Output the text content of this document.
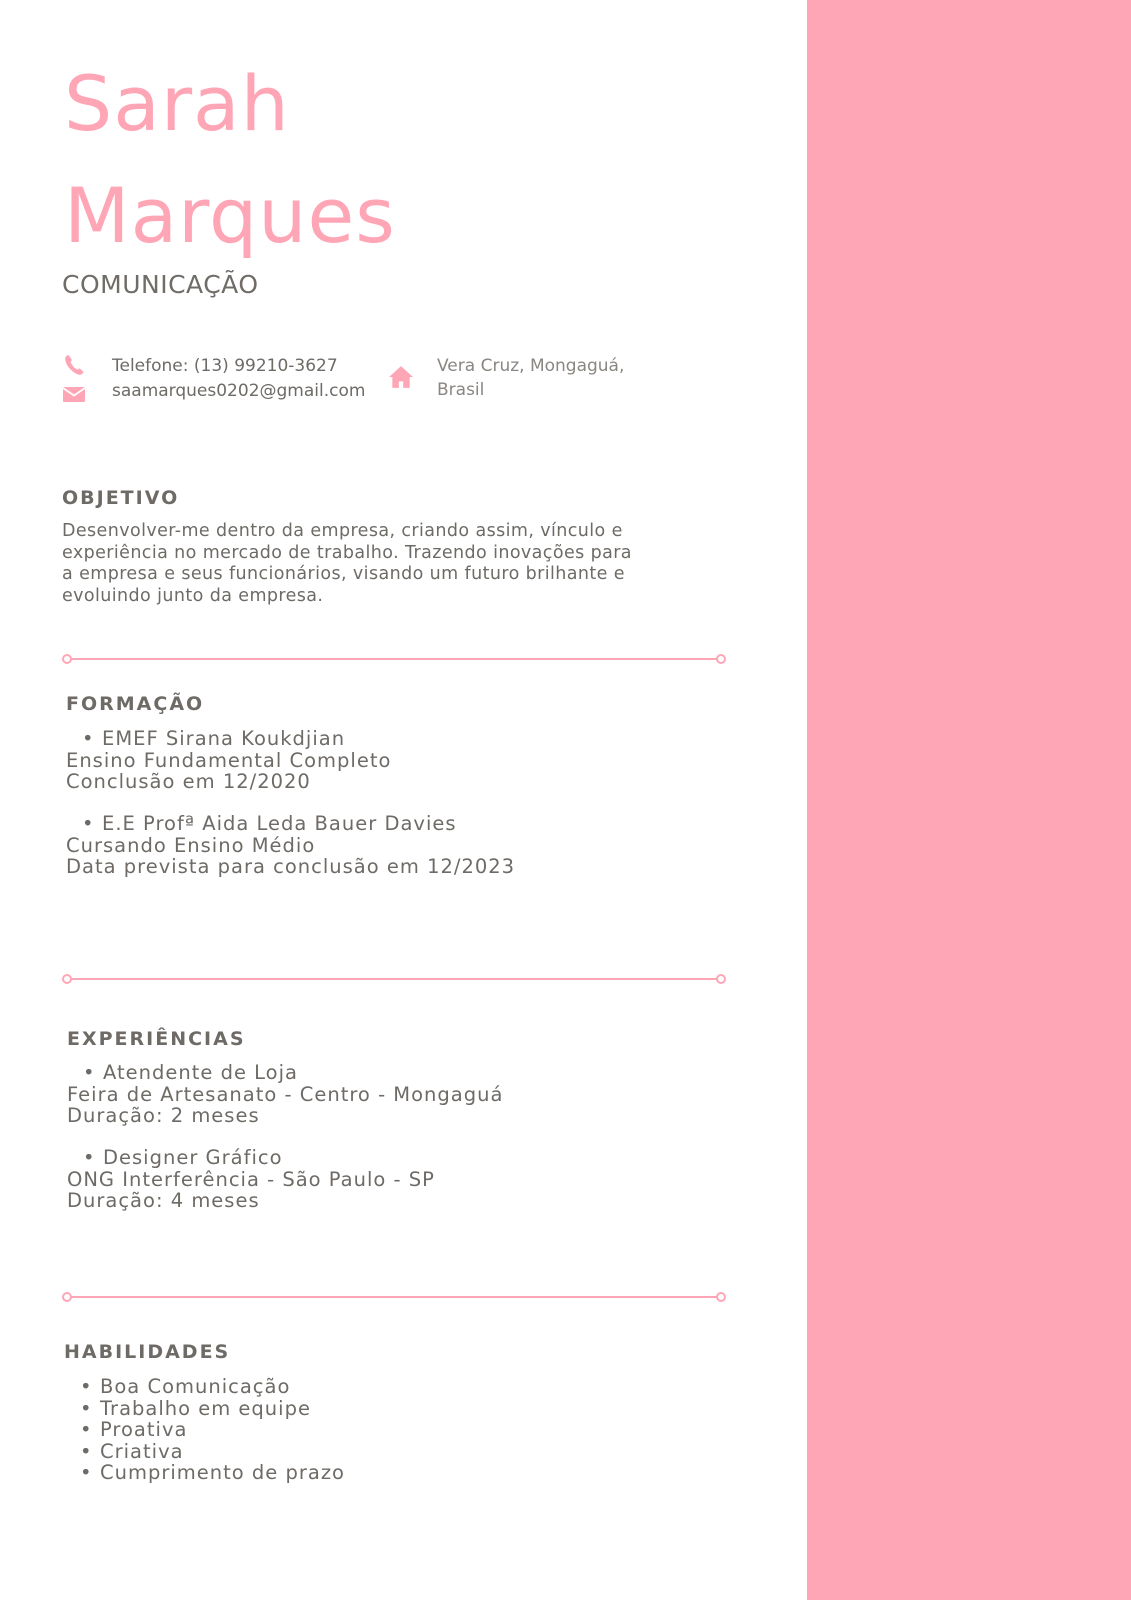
Sarah
Marques
COMUNICAÇÃO
Telefone: (13) 99210-3627
saamarques0202@gmail.com
Vera Cruz, Mongaguá,
Brasil
OBJETIVO

Desenvolver-me dentro da empresa, criando assim, vínculo e experiência no mercado de trabalho. Trazendo inovações para a empresa e seus funcionários, visando um futuro brilhante e evoluindo junto da empresa.

FORMAÇÃO
• EMEF Sirana Koukdjian
Ensino Fundamental Completo
Conclusão em 12/2020
• E.E Profª Aida Leda Bauer Davies
Cursando Ensino Médio
Data prevista para conclusão em 12/2023
EXPERIÊNCIAS
• Atendente de Loja
Feira de Artesanato - Centro - Mongaguá
Duração: 2 meses
• Designer Gráfico
ONG Interferência - São Paulo - SP
Duração: 4 meses
HABILIDADES
• Boa Comunicação
• Trabalho em equipe
• Proativa
• Criativa
• Cumprimento de prazo
